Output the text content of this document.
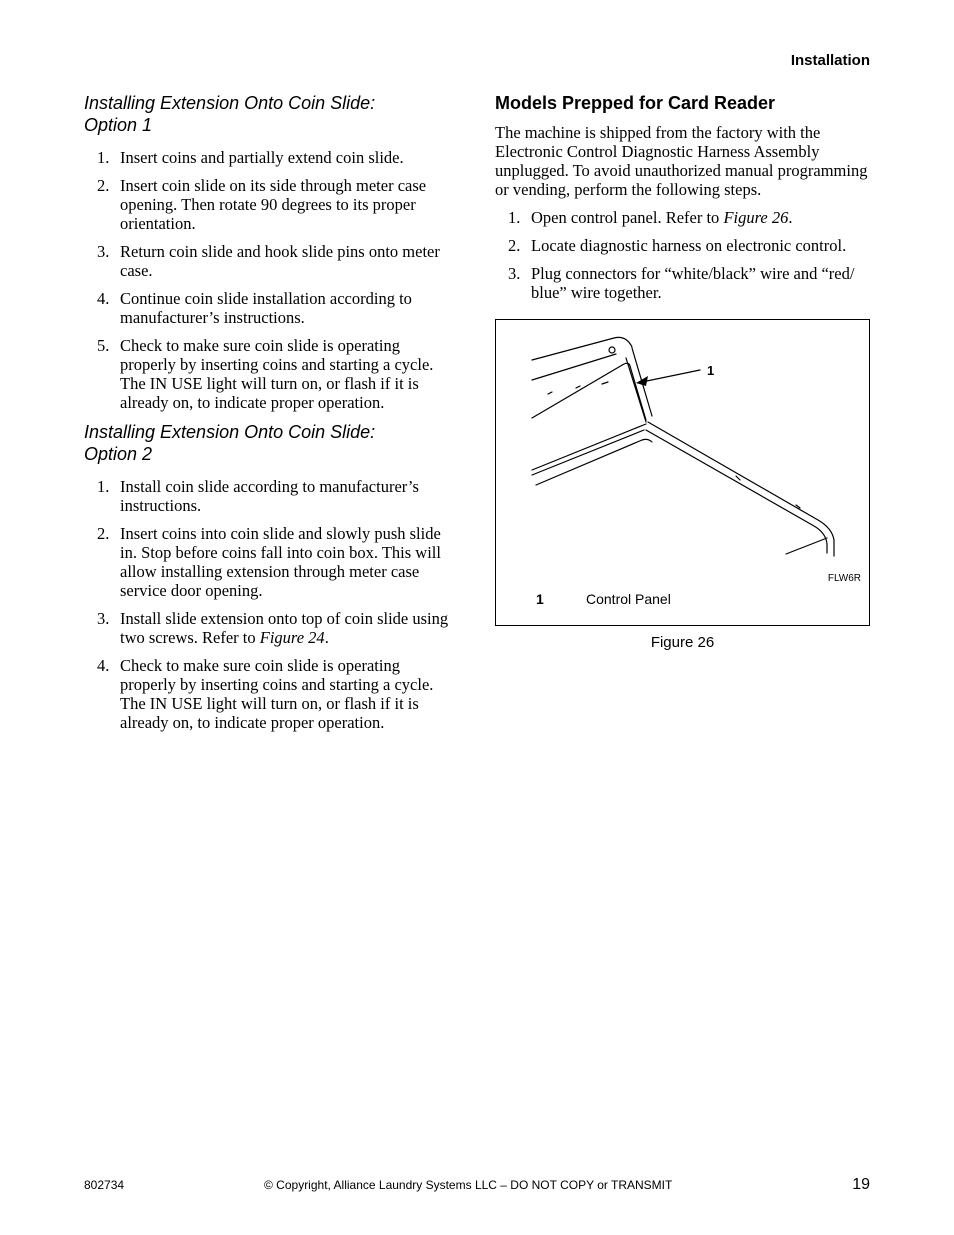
Installation
Installing Extension Onto Coin Slide:
Option 1
1. Insert coins and partially extend coin slide.
2. Insert coin slide on its side through meter case opening. Then rotate 90 degrees to its proper orientation.
3. Return coin slide and hook slide pins onto meter case.
4. Continue coin slide installation according to manufacturer’s instructions.
5. Check to make sure coin slide is operating properly by inserting coins and starting a cycle. The IN USE light will turn on, or flash if it is already on, to indicate proper operation.
Installing Extension Onto Coin Slide:
Option 2
1. Install coin slide according to manufacturer’s instructions.
2. Insert coins into coin slide and slowly push slide in. Stop before coins fall into coin box. This will allow installing extension through meter case service door opening.
3. Install slide extension onto top of coin slide using two screws. Refer to Figure 24.
4. Check to make sure coin slide is operating properly by inserting coins and starting a cycle. The IN USE light will turn on, or flash if it is already on, to indicate proper operation.
Models Prepped for Card Reader

The machine is shipped from the factory with the Electronic Control Diagnostic Harness Assembly unplugged. To avoid unauthorized manual programming or vending, perform the following steps.

1. Open control panel. Refer to Figure 26.
2. Locate diagnostic harness on electronic control.
3. Plug connectors for “white/black” wire and “red/ blue” wire together.
1
FLW6R
1	Control Panel
Figure 26
802734	© Copyright, Alliance Laundry Systems LLC – DO NOT COPY or TRANSMIT	19
